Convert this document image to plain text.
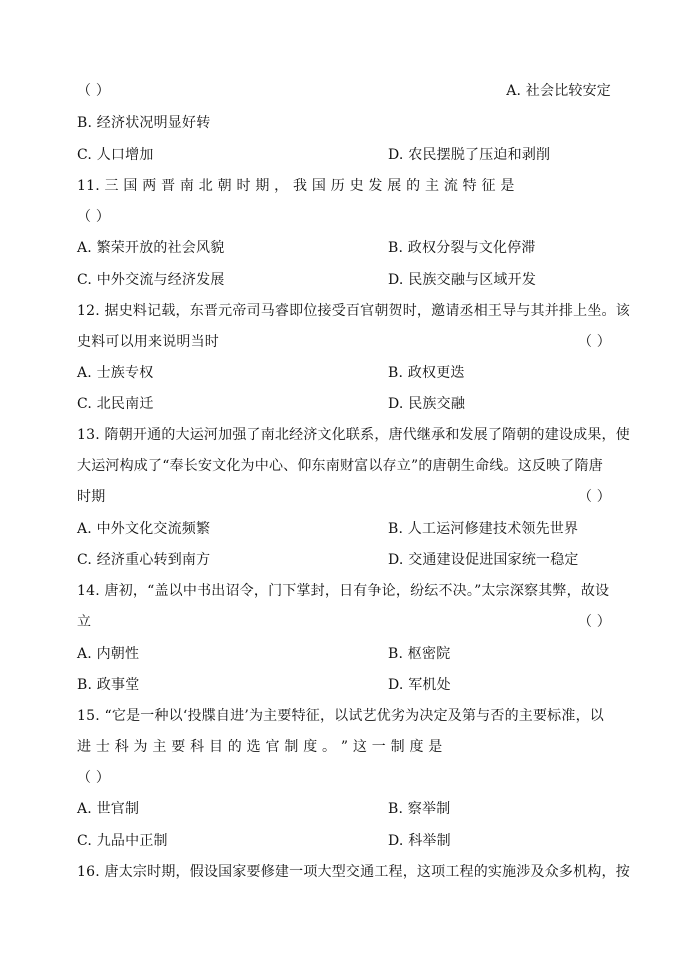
（ ）	A. 社会比较安定
B. 经济状况明显好转
C. 人口增加	D. 农民摆脱了压迫和剥削
11. 三 国 两 晋 南 北 朝 时 期 ， 我 国 历 史 发 展 的 主 流 特 征 是
（ ）
A. 繁荣开放的社会风貌	B. 政权分裂与文化停滞
C. 中外交流与经济发展	D. 民族交融与区域开发
12. 据史料记载，东晋元帝司马睿即位接受百官朝贺时，邀请丞相王导与其并排上坐。该
史料可以用来说明当时	（ ）
A. 士族专权	B. 政权更迭
C. 北民南迁	D. 民族交融
13. 隋朝开通的大运河加强了南北经济文化联系，唐代继承和发展了隋朝的建设成果，使
大运河构成了“奉长安文化为中心、仰东南财富以存立”的唐朝生命线。这反映了隋唐
时期	（ ）
A. 中外文化交流频繁	B. 人工运河修建技术领先世界
C. 经济重心转到南方	D. 交通建设促进国家统一稳定
14. 唐初，“盖以中书出诏令，门下掌封，日有争论，纷纭不决。”太宗深察其弊，故设
立	（ ）
A. 内朝性	B. 枢密院
B. 政事堂	D. 军机处
15. “它是一种以‘投牒自进’为主要特征，以试艺优劣为决定及第与否的主要标准，以
进 士 科 为 主 要 科 目 的 选 官 制 度 。 ” 这 一 制 度 是
（ ）
A. 世官制	B. 察举制
C. 九品中正制	D. 科举制
16. 唐太宗时期，假设国家要修建一项大型交通工程，这项工程的实施涉及众多机构，按
